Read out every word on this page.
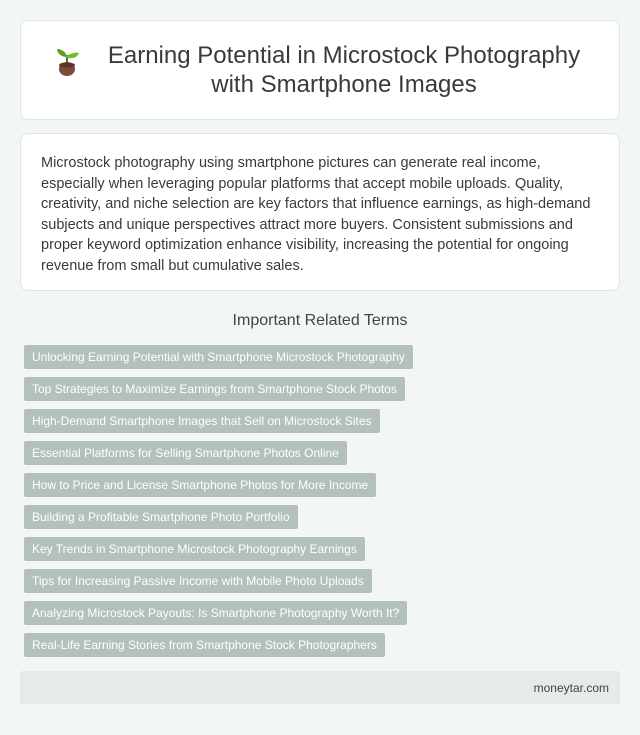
Earning Potential in Microstock Photography with Smartphone Images

Microstock photography using smartphone pictures can generate real income, especially when leveraging popular platforms that accept mobile uploads. Quality, creativity, and niche selection are key factors that influence earnings, as high-demand subjects and unique perspectives attract more buyers. Consistent submissions and proper keyword optimization enhance visibility, increasing the potential for ongoing revenue from small but cumulative sales.

Important Related Terms
Unlocking Earning Potential with Smartphone Microstock Photography
Top Strategies to Maximize Earnings from Smartphone Stock Photos
High-Demand Smartphone Images that Sell on Microstock Sites
Essential Platforms for Selling Smartphone Photos Online
How to Price and License Smartphone Photos for More Income
Building a Profitable Smartphone Photo Portfolio
Key Trends in Smartphone Microstock Photography Earnings
Tips for Increasing Passive Income with Mobile Photo Uploads
Analyzing Microstock Payouts: Is Smartphone Photography Worth It?
Real-Life Earning Stories from Smartphone Stock Photographers
moneytar.com
